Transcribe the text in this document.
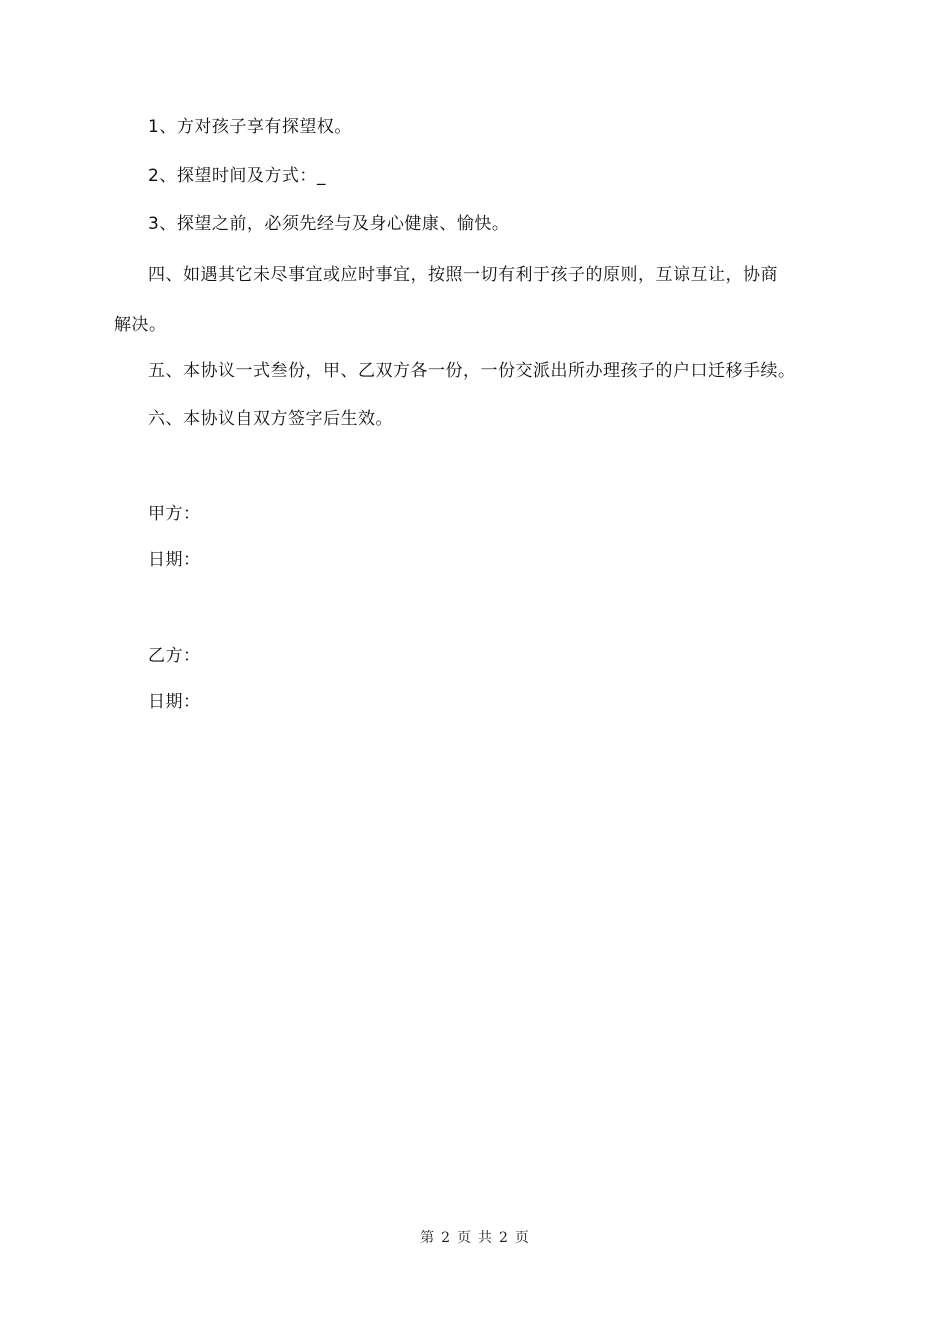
1、方对孩子享有探望权。
2、探望时间及方式：_
3、探望之前，必须先经与及身心健康、愉快。
四、如遇其它未尽事宜或应时事宜，按照一切有利于孩子的原则，互谅互让，协商
解决。
五、本协议一式叁份，甲、乙双方各一份，一份交派出所办理孩子的户口迁移手续。
六、本协议自双方签字后生效。
甲方：
日期：
乙方：
日期：
第 2 页 共 2 页
